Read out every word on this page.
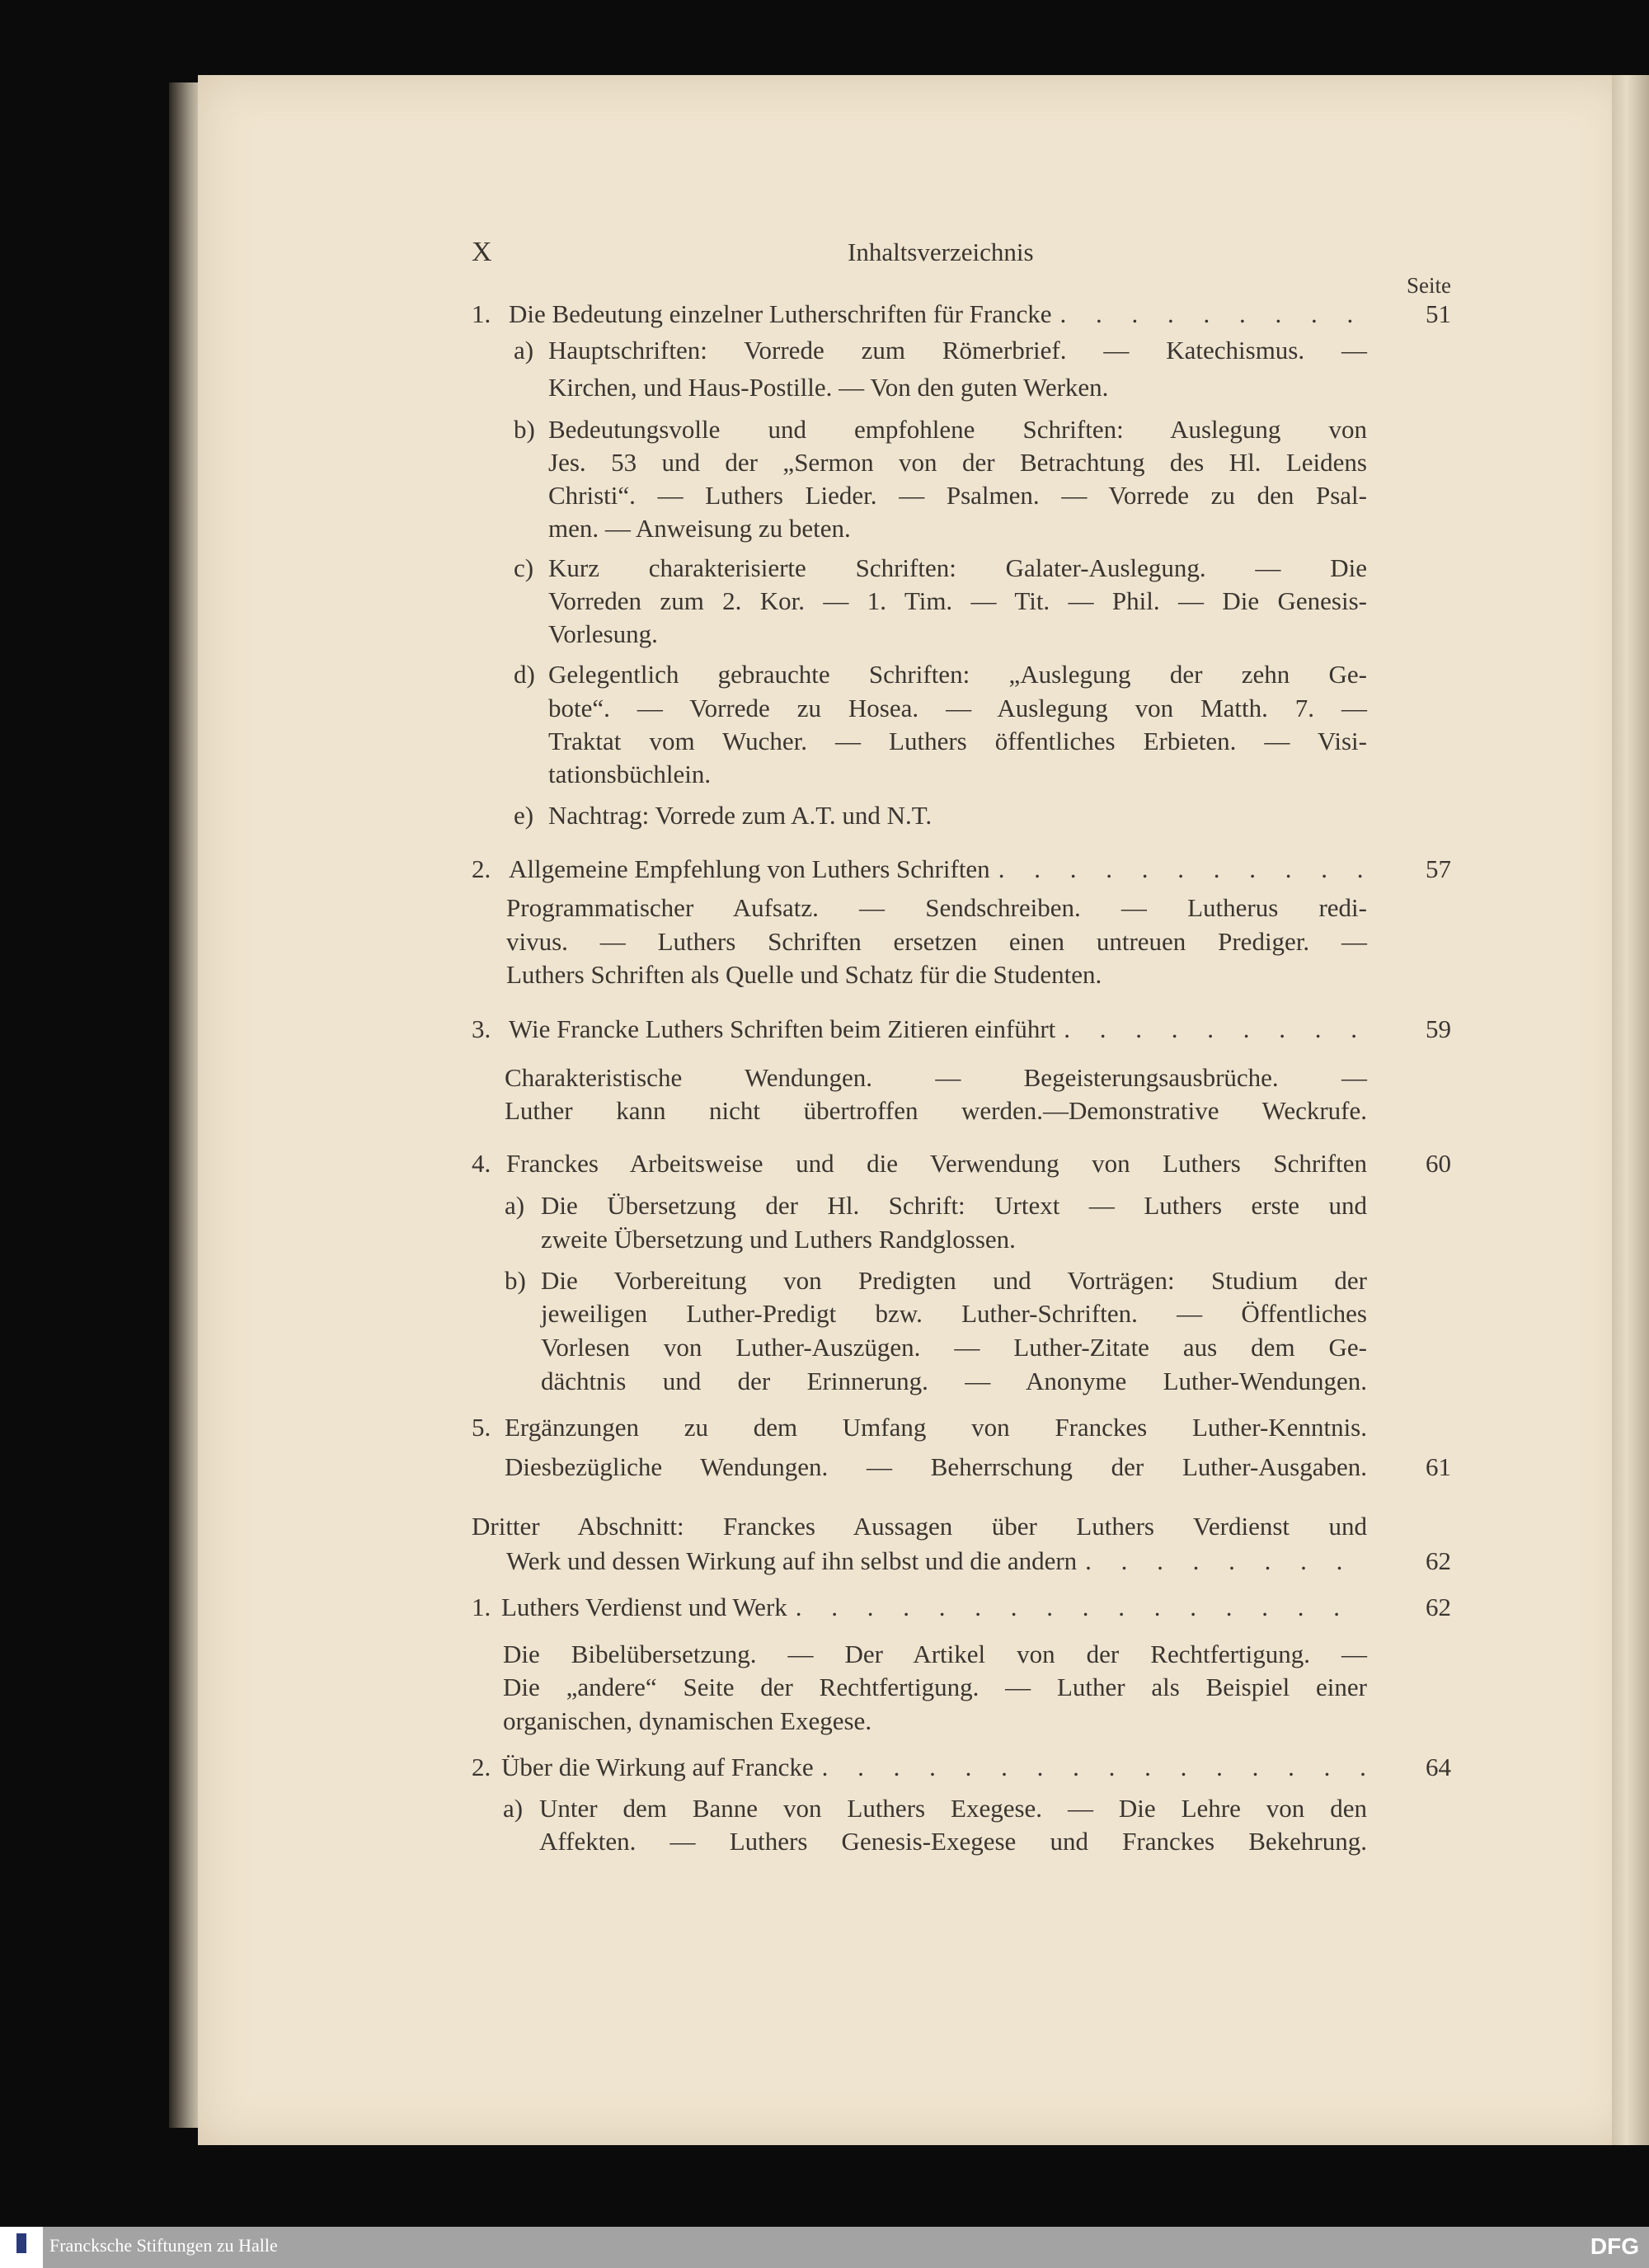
X	Inhaltsverzeichnis
Seite
1. Die Bedeutung einzelner Lutherschriften für Francke . . .	51
a) Hauptschriften: Vorrede zum Römerbrief. — Katechismus. —
Kirchen, und Haus-Postille. — Von den guten Werken.
b) Bedeutungsvolle und empfohlene Schriften: Auslegung von
Jes. 53 und der „Sermon von der Betrachtung des Hl. Leidens
Christi“. — Luthers Lieder. — Psalmen. — Vorrede zu den Psal-
men. — Anweisung zu beten.
c) Kurz charakterisierte Schriften: Galater-Auslegung. — Die
Vorreden zum 2. Kor. — 1. Tim. — Tit. — Phil. — Die Genesis-
Vorlesung.
d) Gelegentlich gebrauchte Schriften: „Auslegung der zehn Ge-
bote“. — Vorrede zu Hosea. — Auslegung von Matth. 7. —
Traktat vom Wucher. — Luthers öffentliches Erbieten. — Visi-
tationsbüchlein.
e) Nachtrag: Vorrede zum A.T. und N.T.
2. Allgemeine Empfehlung von Luthers Schriften . . .	57
Programmatischer Aufsatz. — Sendschreiben. — Lutherus redi-
vivus. — Luthers Schriften ersetzen einen untreuen Prediger. —
Luthers Schriften als Quelle und Schatz für die Studenten.
3. Wie Francke Luthers Schriften beim Zitieren einführt . . .	59
Charakteristische Wendungen. — Begeisterungsausbrüche. —
Luther kann nicht übertroffen werden.—Demonstrative Weckrufe.
4. Franckes Arbeitsweise und die Verwendung von Luthers Schriften 60
a) Die Übersetzung der Hl. Schrift: Urtext — Luthers erste und
zweite Übersetzung und Luthers Randglossen.
b) Die Vorbereitung von Predigten und Vorträgen: Studium der
jeweiligen Luther-Predigt bzw. Luther-Schriften. — Öffentliches
Vorlesen von Luther-Auszügen. — Luther-Zitate aus dem Ge-
dächtnis und der Erinnerung. — Anonyme Luther-Wendungen.
5. Ergänzungen zu dem Umfang von Franckes Luther-Kenntnis.
Diesbezügliche Wendungen. — Beherrschung der Luther-Ausgaben. 61
Dritter Abschnitt: Franckes Aussagen über Luthers Verdienst und
Werk und dessen Wirkung auf ihn selbst und die andern . . .	62
1. Luthers Verdienst und Werk . . .	62
Die Bibelübersetzung. — Der Artikel von der Rechtfertigung. —
Die „andere“ Seite der Rechtfertigung. — Luther als Beispiel einer
organischen, dynamischen Exegese.
2. Über die Wirkung auf Francke . . .	64
a) Unter dem Banne von Luthers Exegese. — Die Lehre von den
Affekten. — Luthers Genesis-Exegese und Franckes Bekehrung.
Francksche Stiftungen zu Halle	DFG
